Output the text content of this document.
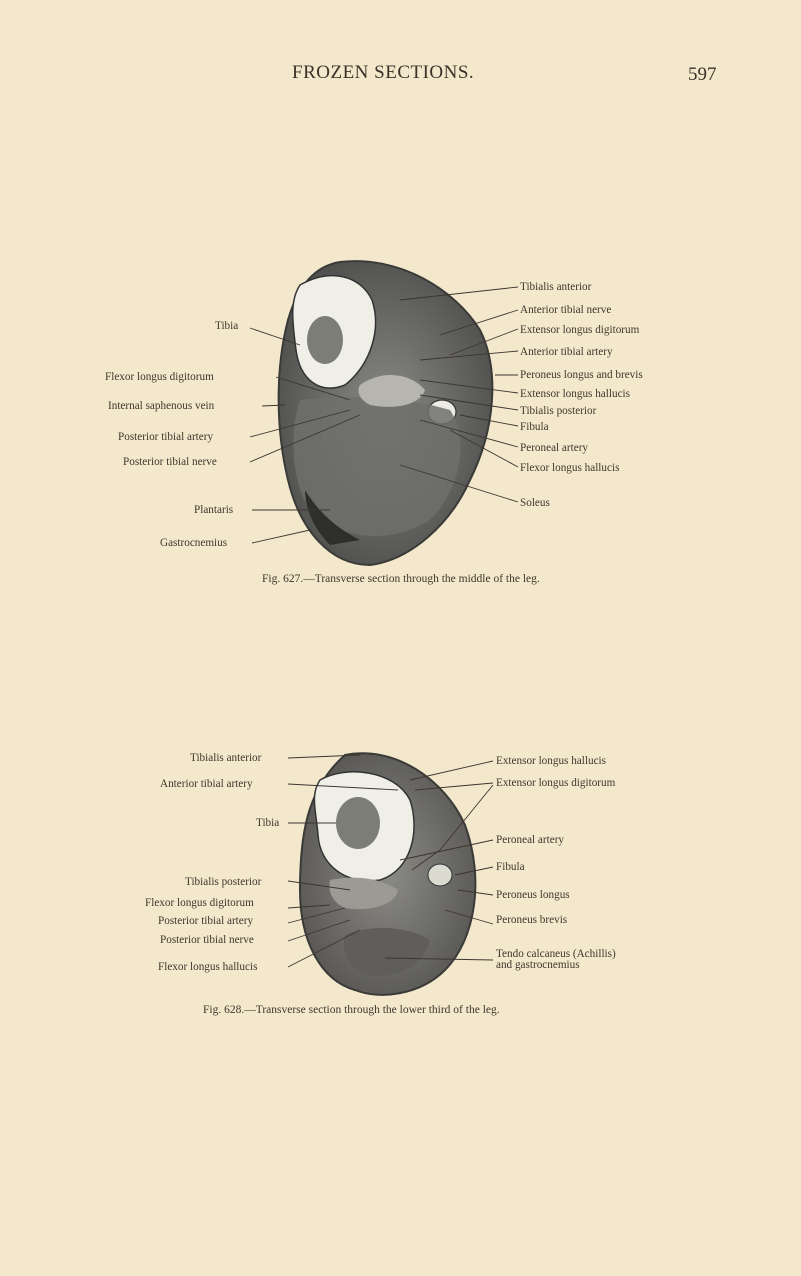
FROZEN SECTIONS.	597
Tibia
Flexor longus digitorum
Internal saphenous vein
Posterior tibial artery
Posterior tibial nerve
Plantaris
Gastrocnemius
Tibialis anterior
Anterior tibial nerve
Extensor longus digitorum
Anterior tibial artery
Peroneus longus and brevis
Extensor longus hallucis
Tibialis posterior
Fibula
Peroneal artery
Flexor longus hallucis
Soleus
Fig. 627.—Transverse section through the middle of the leg.
Tibialis anterior
Anterior tibial artery
Tibia
Tibialis posterior
Flexor longus digitorum
Posterior tibial artery
Posterior tibial nerve
Flexor longus hallucis
Extensor longus hallucis
Extensor longus digitorum
Peroneal artery
Fibula
Peroneus longus
Peroneus brevis
Tendo calcaneus (Achillis)
and gastrocnemius
Fig. 628.—Transverse section through the lower third of the leg.
